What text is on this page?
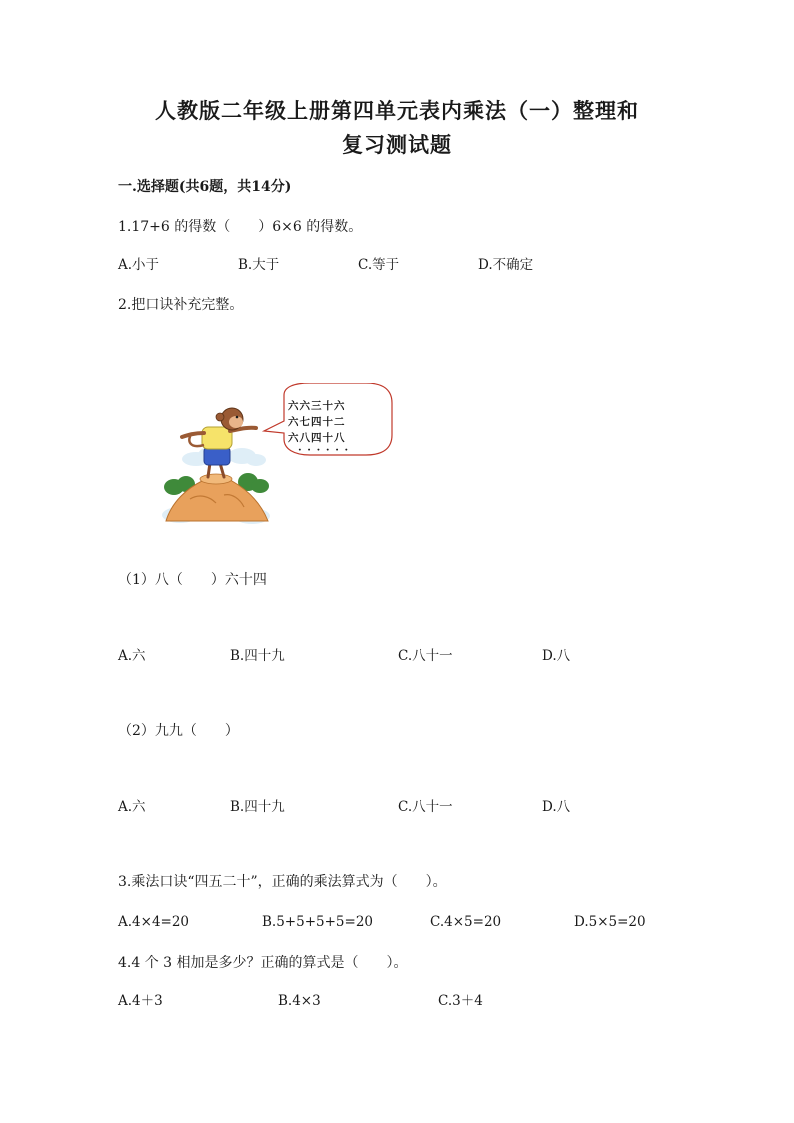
人教版二年级上册第四单元表内乘法（一）整理和
复习测试题
一.选择题(共6题，共14分)
1.17+6 的得数（　　）6×6 的得数。
A.小于	B.大于	C.等于	D.不确定
2.把口诀补充完整。
六六三十六
六七四十二
六八四十八
· · · · · ·
（1）八（　　）六十四
A.六	B.四十九	C.八十一	D.八
（2）九九（　　）
A.六	B.四十九	C.八十一	D.八
3.乘法口诀“四五二十”，正确的乘法算式为（　　）。
A.4×4=20	B.5+5+5+5=20	C.4×5=20	D.5×5=20
4.4 个 3 相加是多少？正确的算式是（　　）。
A.4＋3	B.4×3	C.3＋4
